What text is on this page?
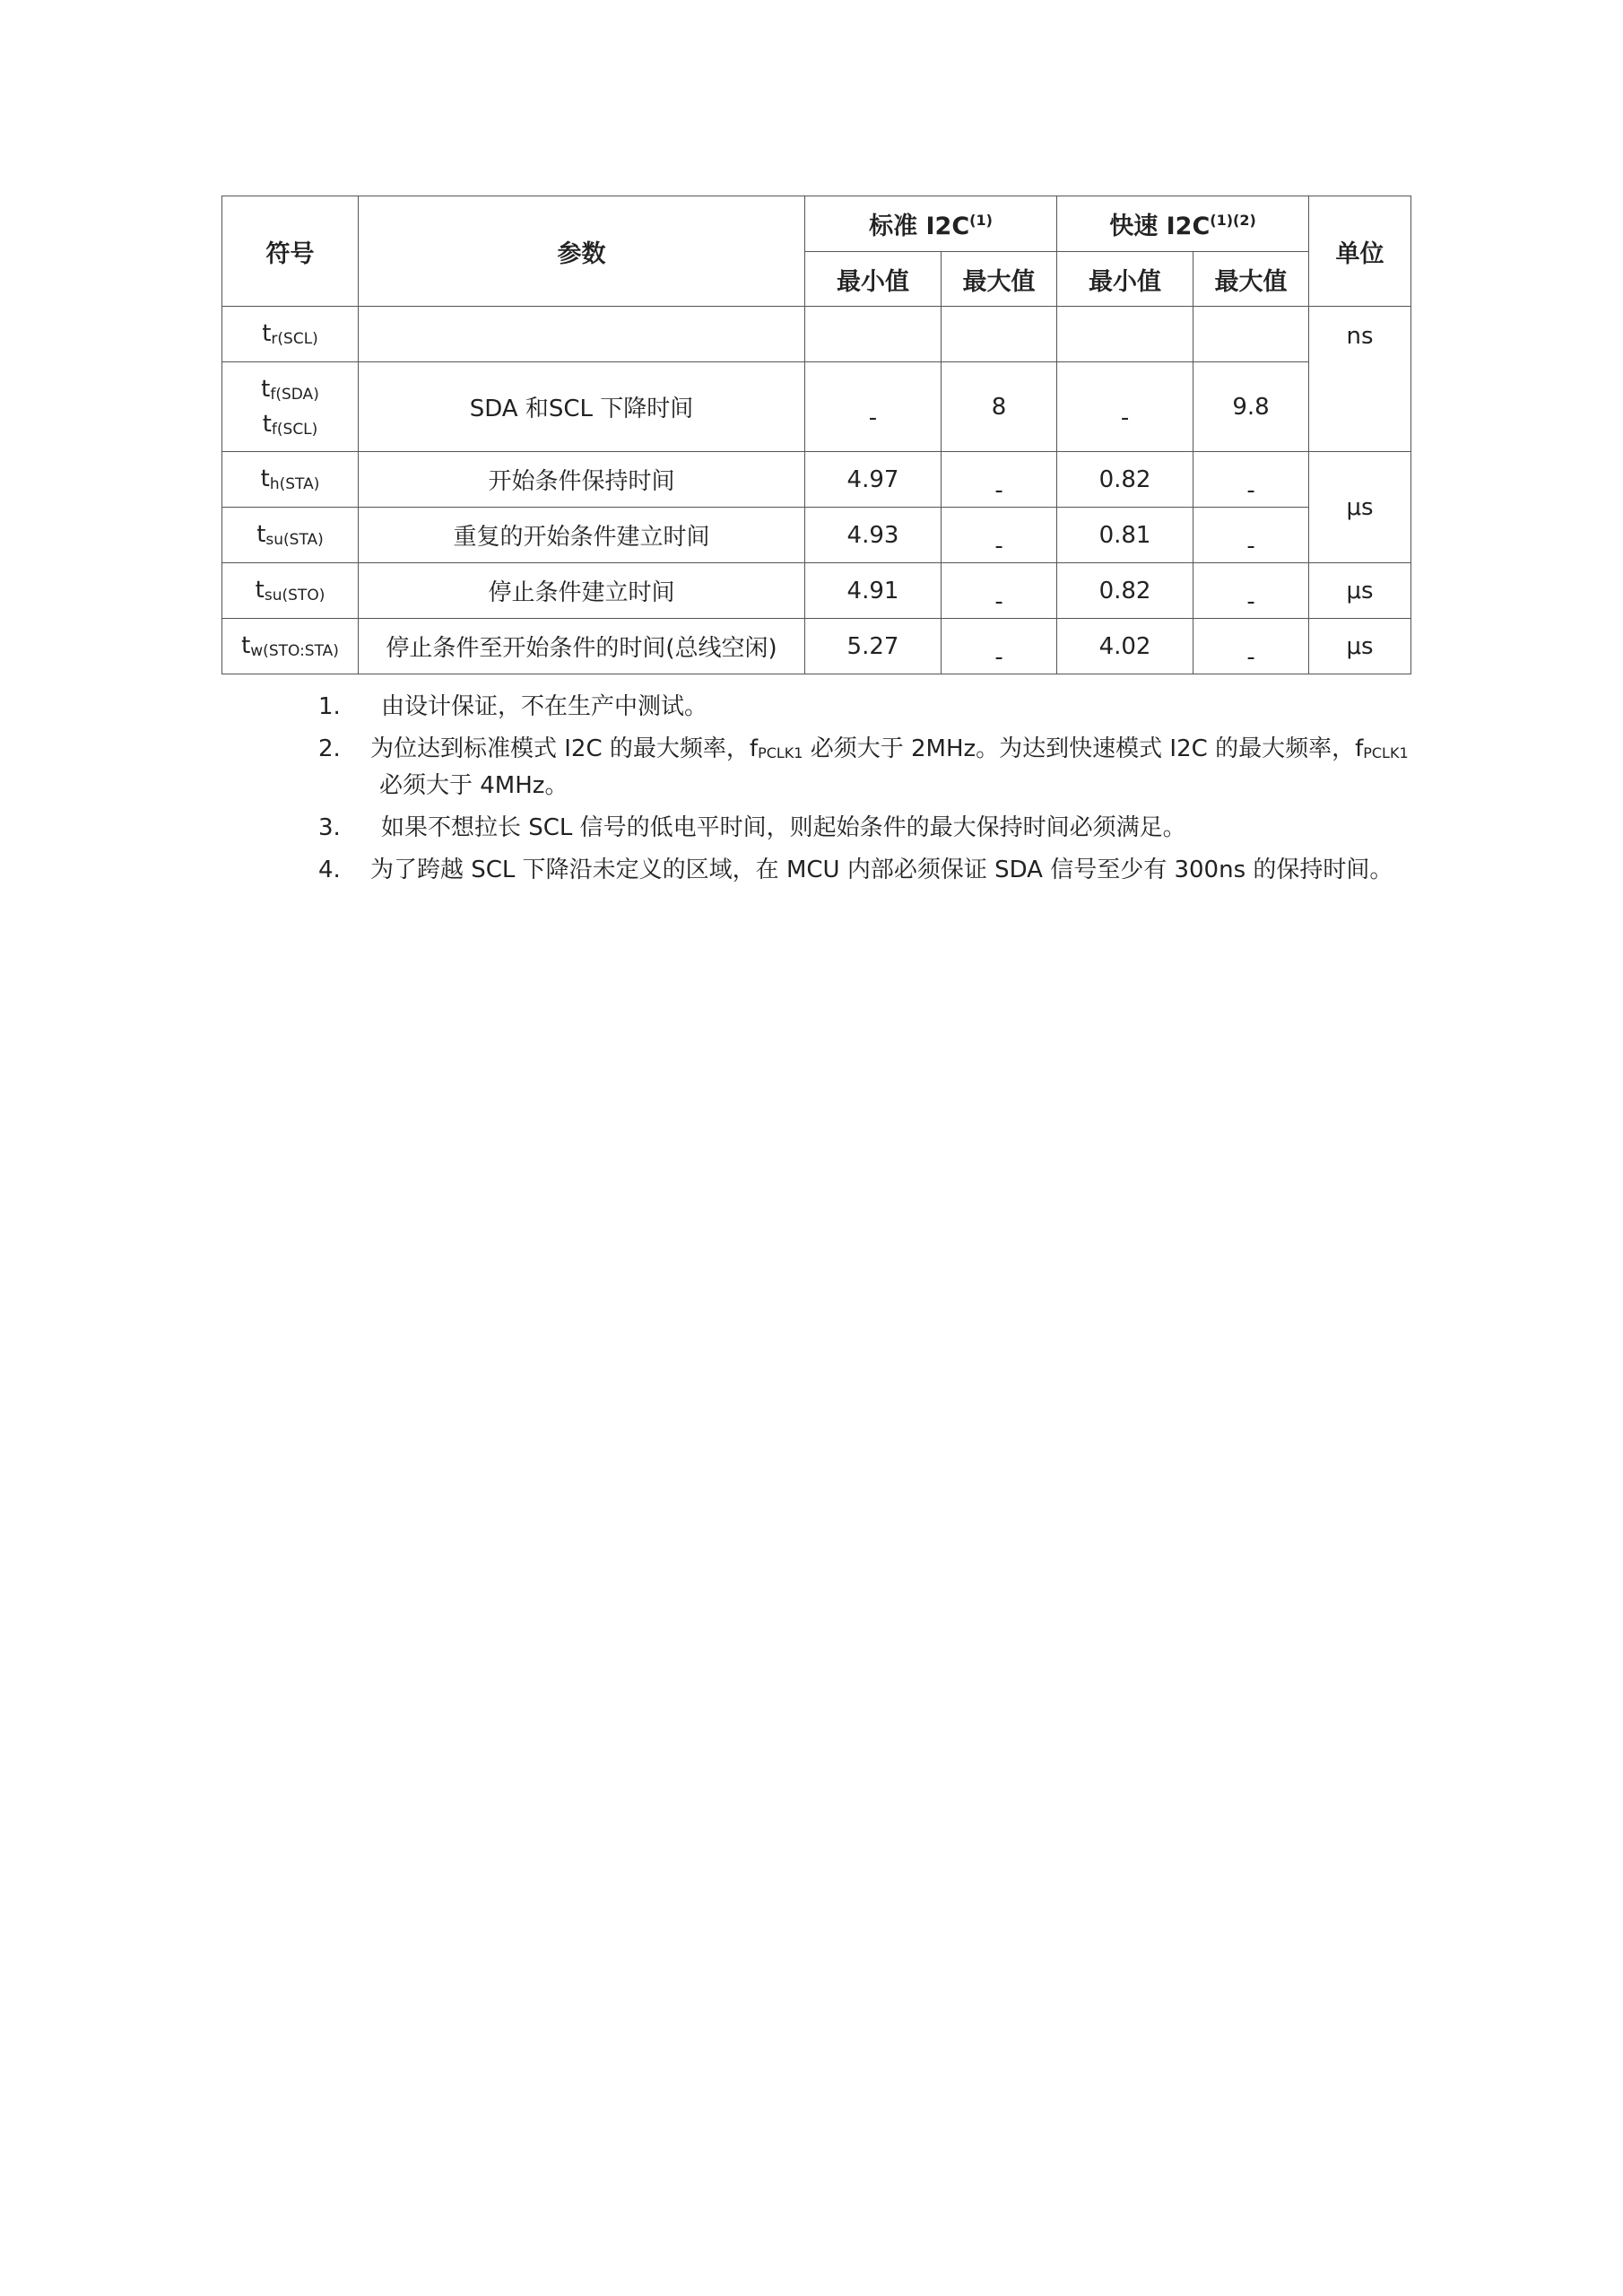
符号	参数	标准 $I2C^{(1)}$		快速 $I2C^{(1)(2)}$		单位
		最小值	最大值	最小值	最大值	
$t_{r(SCL)}$						ns

$t_{f(SDA)}$
$t_{f(SCL)}$	SDA 和SCL 下降时间	-	8	-	9.8	
$t_{h(STA)}$	开始条件保持时间	4.97	-	0.82	-	μs
$t_{su(STA)}$	重复的开始条件建立时间	4.93	-	0.81	-	
$t_{su(STO)}$	停止条件建立时间	4.91	-	0.82	-	μs
$t_{w(STO:STA)}$	停止条件至开始条件的时间(总线空闲)	5.27	-	4.02	-	μs
1. 由设计保证，不在生产中测试。
2. 为位达到标准模式 I2C 的最大频率，$f_{PCLK1}$ 必须大于 2MHz。为达到快速模式 I2C 的最大频率，$f_{PCLK1}$
必须大于 4MHz。
3. 如果不想拉长 SCL 信号的低电平时间，则起始条件的最大保持时间必须满足。
4. 为了跨越 SCL 下降沿未定义的区域，在 MCU 内部必须保证 SDA 信号至少有 300ns 的保持时间。
